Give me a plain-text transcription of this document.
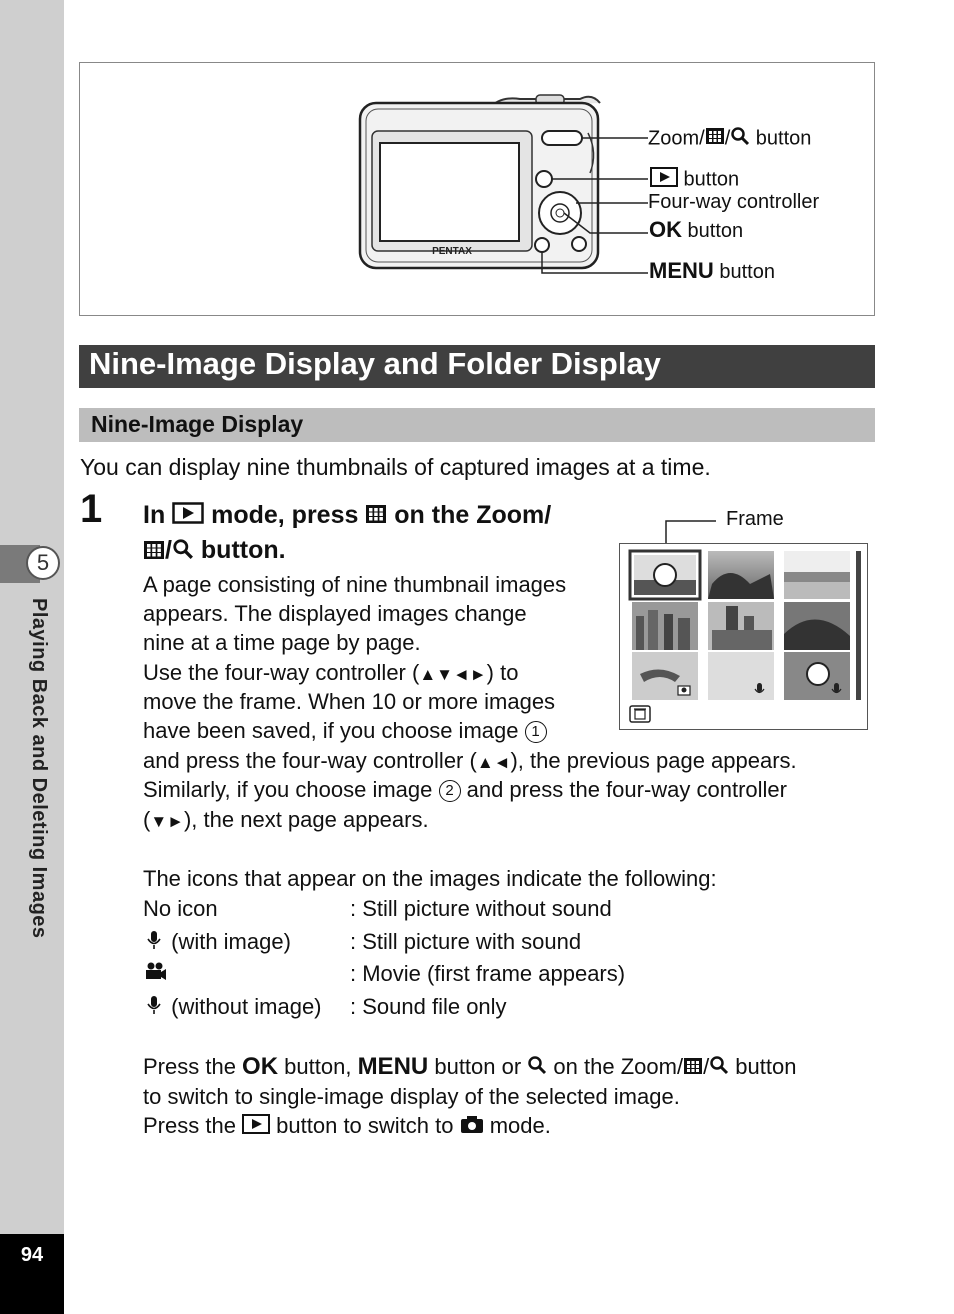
5
Playing Back and Deleting Images
94
PENTAX
Zoom/ / button
button
Four-way controller
OK button
MENU button
Nine-Image Display and Folder Display
Nine-Image Display
You can display nine thumbnails of captured images at a time.
1 In  mode, press  on the Zoom/
/ button.
A page consisting of nine thumbnail images
appears. The displayed images change
nine at a time page by page.
Use the four-way controller (▲▼◄►) to
move the frame. When 10 or more images
have been saved, if you choose image 1
and press the four-way controller (▲◄), the previous page appears.
Similarly, if you choose image 2 and press the four-way controller
(▼►), the next page appears.
Frame
The icons that appear on the images indicate the following:
No icon	: Still picture without sound
(with image)	: Still picture with sound
: Movie (first frame appears)
(without image) : Sound file only
Press the OK button, MENU button or  on the Zoom/ / button
to switch to single-image display of the selected image.
Press the  button to switch to  mode.
